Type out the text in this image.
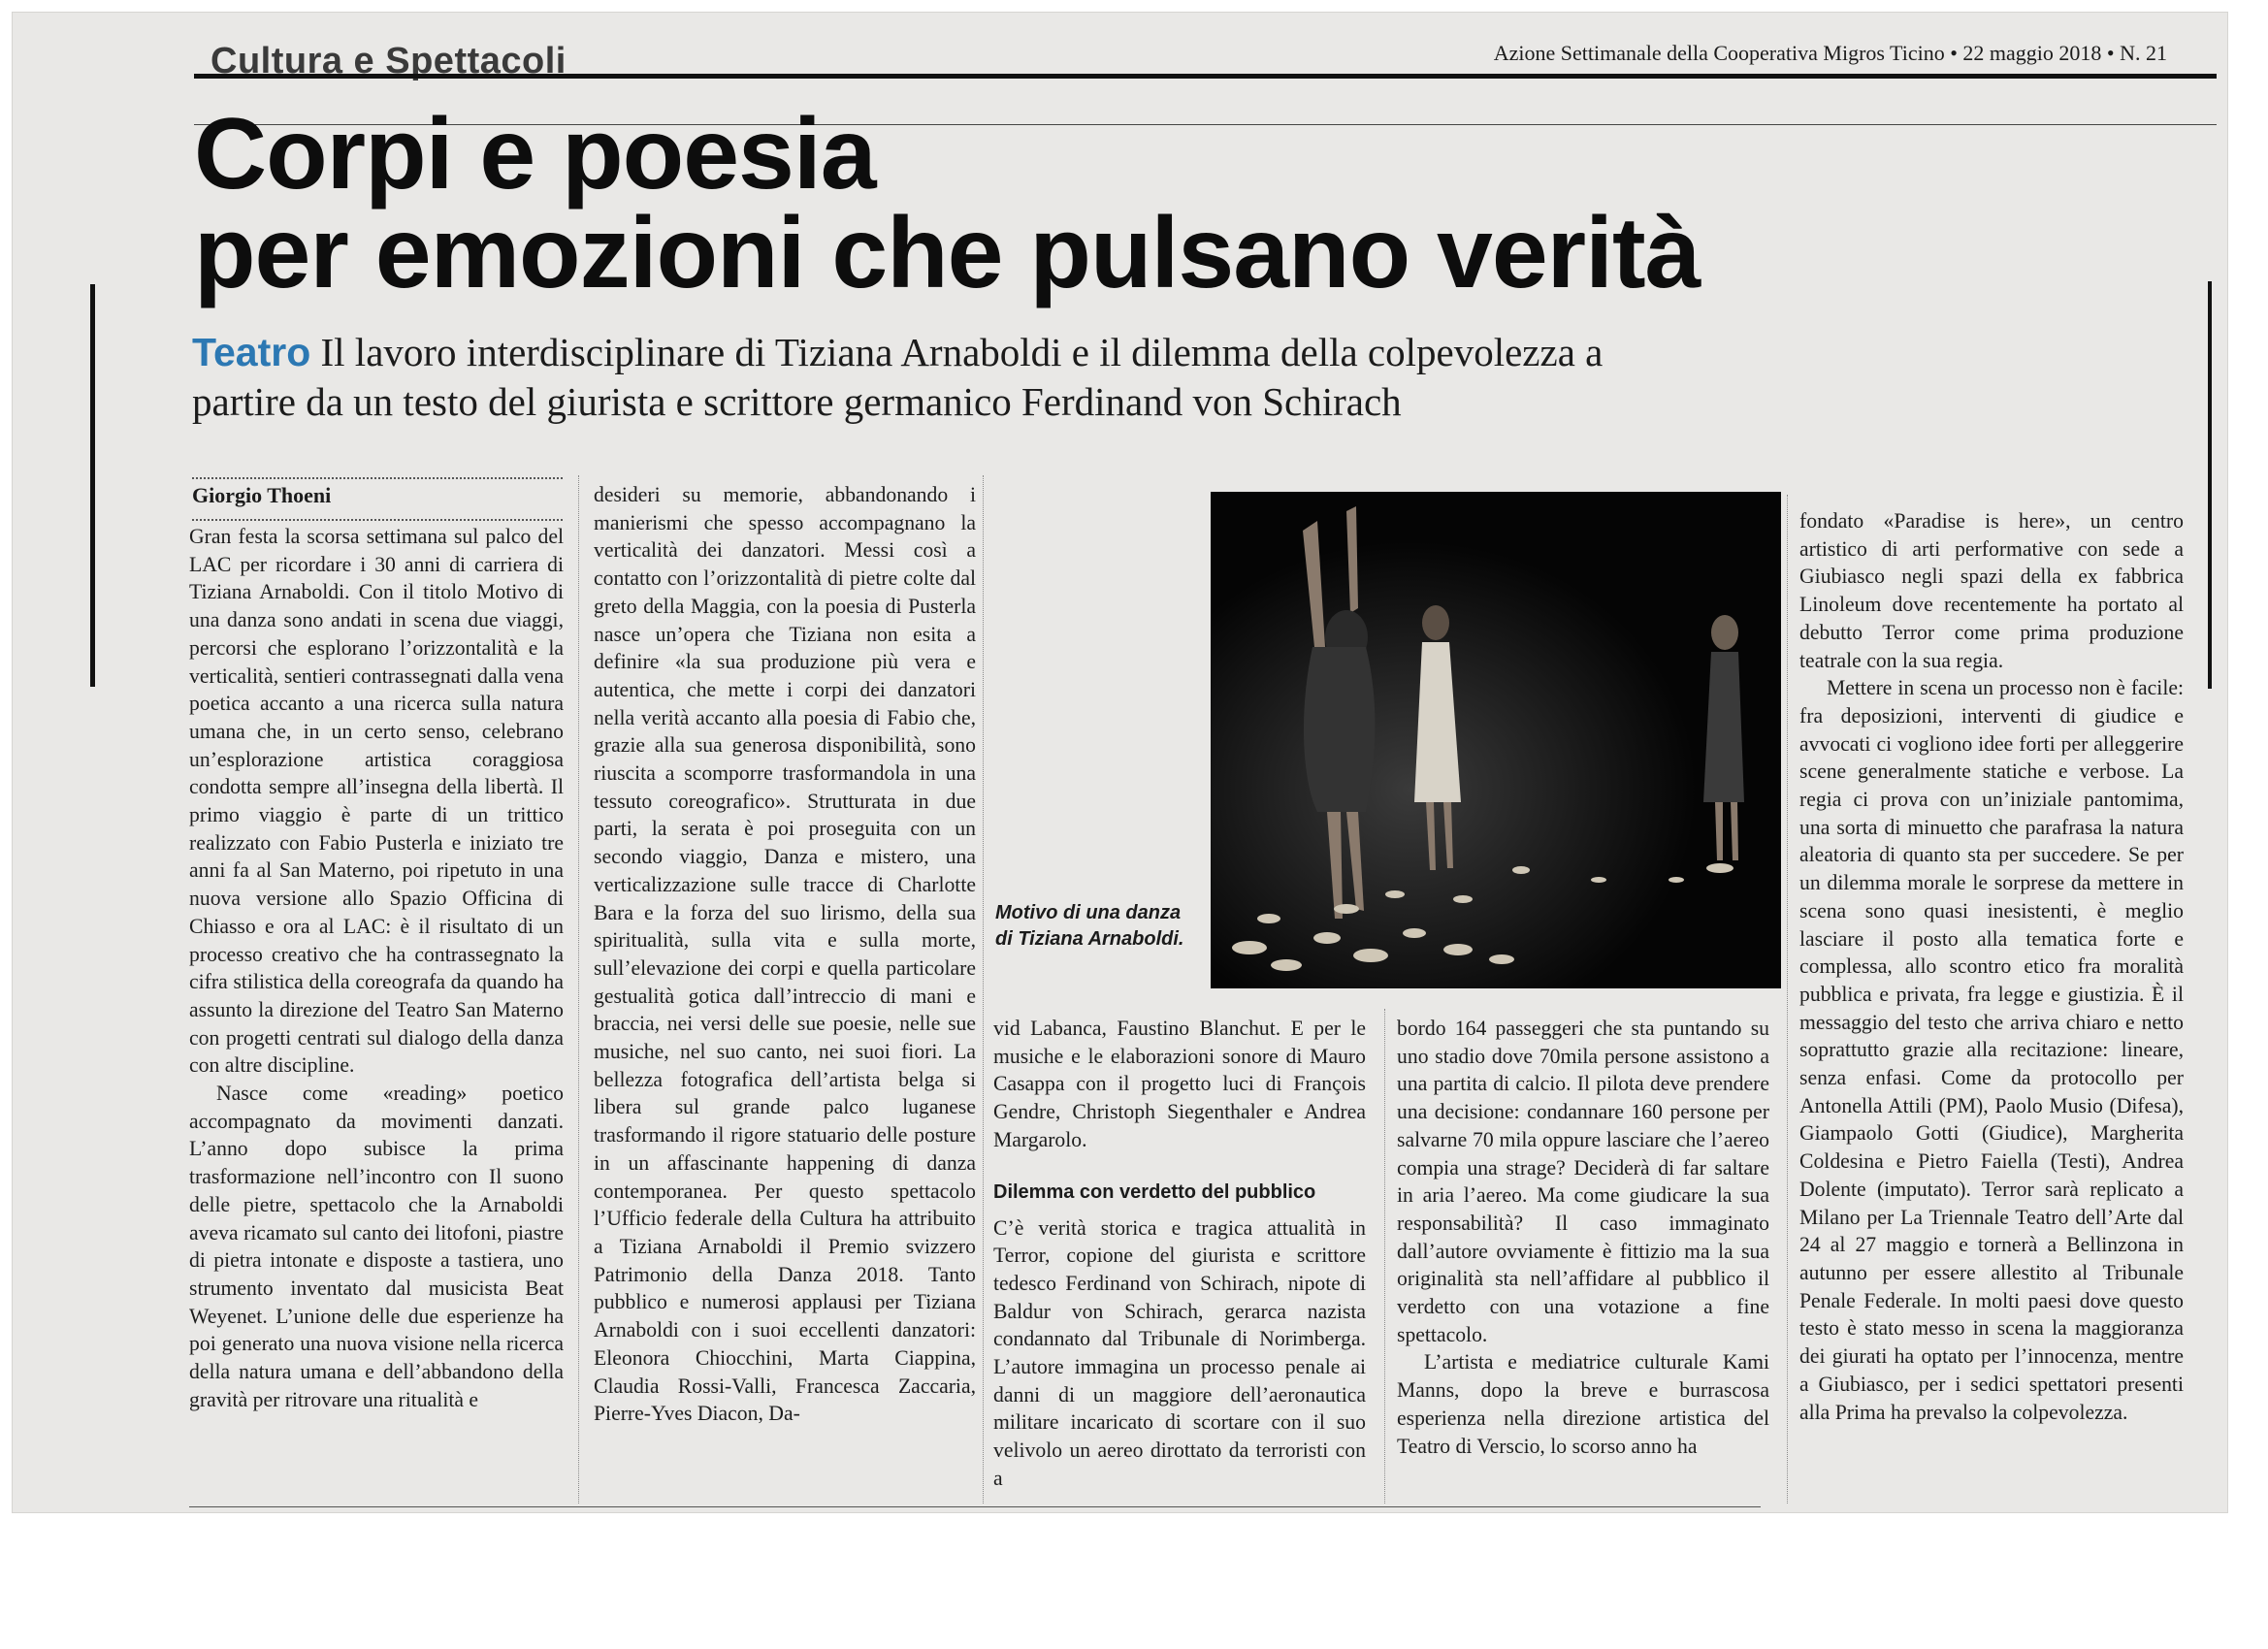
Cultura e Spettacoli	Azione Settimanale della Cooperativa Migros Ticino • 22 maggio 2018 • N. 21
Corpi e poesia
per emozioni che pulsano verità

Teatro Il lavoro interdisciplinare di Tiziana Arnaboldi e il dilemma della colpevolezza a partire da un testo del giurista e scrittore germanico Ferdinand von Schirach

Giorgio Thoeni

Gran festa la scorsa settimana sul palco del LAC per ricordare i 30 anni di carriera di Tiziana Arnaboldi. Con il titolo Motivo di una danza sono andati in scena due viaggi, percorsi che esplorano l’orizzontalità e la verticalità, sentieri contrassegnati dalla vena poetica accanto a una ricerca sulla natura umana che, in un certo senso, celebrano un’esplorazione artistica coraggiosa condotta sempre all’insegna della libertà. Il primo viaggio è parte di un trittico realizzato con Fabio Pusterla e iniziato tre anni fa al San Materno, poi ripetuto in una nuova versione allo Spazio Officina di Chiasso e ora al LAC: è il risultato di un processo creativo che ha contrassegnato la cifra stilistica della coreografa da quando ha assunto la direzione del Teatro San Materno con progetti centrati sul dialogo della danza con altre discipline.

Nasce come «reading» poetico accompagnato da movimenti danzati. L’anno dopo subisce la prima trasformazione nell’incontro con Il suono delle pietre, spettacolo che la Arnaboldi aveva ricamato sul canto dei litofoni, piastre di pietra intonate e disposte a tastiera, uno strumento inventato dal musicista Beat Weyenet. L’unione delle due esperienze ha poi generato una nuova visione nella ricerca della natura umana e dell’abbandono della gravità per ritrovare una ritualità e

desideri su memorie, abbandonando i manierismi che spesso accompagnano la verticalità dei danzatori. Messi così a contatto con l’orizzontalità di pietre colte dal greto della Maggia, con la poesia di Pusterla nasce un’opera che Tiziana non esita a definire «la sua produzione più vera e autentica, che mette i corpi dei danzatori nella verità accanto alla poesia di Fabio che, grazie alla sua generosa disponibilità, sono riuscita a scomporre trasformandola in una tessuto coreografico». Strutturata in due parti, la serata è poi proseguita con un secondo viaggio, Danza e mistero, una verticalizzazione sulle tracce di Charlotte Bara e la forza del suo lirismo, della sua spiritualità, sulla vita e sulla morte, sull’elevazione dei corpi e quella particolare gestualità gotica dall’intreccio di mani e braccia, nei versi delle sue poesie, nelle sue musiche, nel suo canto, nei suoi fiori. La bellezza fotografica dell’artista belga si libera sul grande palco luganese trasformando il rigore statuario delle posture in un affascinante happening di danza contemporanea. Per questo spettacolo l’Ufficio federale della Cultura ha attribuito a Tiziana Arnaboldi il Premio svizzero Patrimonio della Danza 2018. Tanto pubblico e numerosi applausi per Tiziana Arnaboldi con i suoi eccellenti danzatori: Eleonora Chiocchini, Marta Ciappina, Claudia Rossi-Valli, Francesca Zaccaria, Pierre-Yves Diacon, Da-

Motivo di una danza di Tiziana Arnaboldi.

vid Labanca, Faustino Blanchut. E per le musiche e le elaborazioni sonore di Mauro Casappa con il progetto luci di François Gendre, Christoph Siegenthaler e Andrea Margarolo.

C’è verità storica e tragica attualità in Terror, copione del giurista e scrittore tedesco Ferdinand von Schirach, nipote di Baldur von Schirach, gerarca nazista condannato dal Tribunale di Norimberga. L’autore immagina un processo penale ai danni di un maggiore dell’aeronautica militare incaricato di scortare con il suo velivolo un aereo dirottato da terroristi con a

Dilemma con verdetto del pubblico

bordo 164 passeggeri che sta puntando su uno stadio dove 70mila persone assistono a una partita di calcio. Il pilota deve prendere una decisione: condannare 160 persone per salvarne 70 mila oppure lasciare che l’aereo compia una strage? Deciderà di far saltare in aria l’aereo. Ma come giudicare la sua responsabilità? Il caso immaginato dall’autore ovviamente è fittizio ma la sua originalità sta nell’affidare al pubblico il verdetto con una votazione a fine spettacolo.

L’artista e mediatrice culturale Kami Manns, dopo la breve e burrascosa esperienza nella direzione artistica del Teatro di Verscio, lo scorso anno ha

fondato «Paradise is here», un centro artistico di arti performative con sede a Giubiasco negli spazi della ex fabbrica Linoleum dove recentemente ha portato al debutto Terror come prima produzione teatrale con la sua regia.

Mettere in scena un processo non è facile: fra deposizioni, interventi di giudice e avvocati ci vogliono idee forti per alleggerire scene generalmente statiche e verbose. La regia ci prova con un’iniziale pantomima, una sorta di minuetto che parafrasa la natura aleatoria di quanto sta per succedere. Se per un dilemma morale le sorprese da mettere in scena sono quasi inesistenti, è meglio lasciare il posto alla tematica forte e complessa, allo scontro etico fra moralità pubblica e privata, fra legge e giustizia. È il messaggio del testo che arriva chiaro e netto soprattutto grazie alla recitazione: lineare, senza enfasi. Come da protocollo per Antonella Attili (PM), Paolo Musio (Difesa), Giampaolo Gotti (Giudice), Margherita Coldesina e Pietro Faiella (Testi), Andrea Dolente (imputato). Terror sarà replicato a Milano per La Triennale Teatro dell’Arte dal 24 al 27 maggio e tornerà a Bellinzona in autunno per essere allestito al Tribunale Penale Federale. In molti paesi dove questo testo è stato messo in scena la maggioranza dei giurati ha optato per l’innocenza, mentre a Giubiasco, per i sedici spettatori presenti alla Prima ha prevalso la colpevolezza.
